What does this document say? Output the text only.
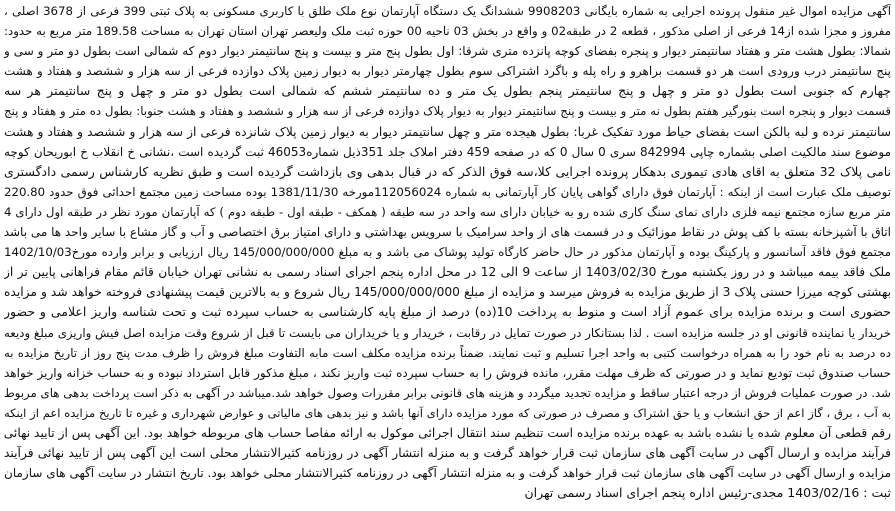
آگهی مزایده اموال غیر منقول پرونده اجرایی به شماره بایگانی 9908203 ششدانگ یک دستگاه آپارتمان نوع ملک طلق با کاربری مسکونی به پلاک ثبتی 399 فرعی از 3678 اصلی ،
مفروز و مجزا شده از14 فرعی از اصلی مذکور ، قطعه 2 در طبقه02 و واقع در بخش 03 ناحیه 00 حوزه ثبت ملک ولیعصر تهران استان تهران به مساحت 189.58 متر مربع به حدود:
شمالا: بطول هشت متر و هفتاد سانتیمتر دیوار و پنجره بفضای کوچه پانزده متری شرقا: اول بطول پنج متر و بیست و پنج سانتیمتر دیوار دوم که شمالی است بطول دو متر و سی و
پنج سانتیمتر درب ورودی است هر دو قسمت براهرو و راه پله و باگرد اشتراکی سوم بطول چهارمتر دیوار به دیوار زمین پلاک دوازده فرعی از سه هزار و ششصد و هفتاد و هشت
چهارم که جنوبی است بطول دو متر و چهل و پنج سانتیمتر پنجم بطول یک متر و ده سانتیمتر ششم که شمالی است بطول دو متر و چهل و پنج سانتیمتر هر سه
قسمت دیوار و پنجره است بنورگیر هفتم بطول نه متر و بیست و پنج سانتیمتر دیوار به دیوار پلاک دوازده فرعی از سه هزار و ششصد و هفتاد و هشت جنوبا: بطول ده متر و هفتاد و پنج
سانتیمتر نرده و لبه بالکن است بفضای حیاط مورد تفکیک غربا: بطول هیجده متر و چهل سانتیمتر دیوار به دیوار زمین پلاک شانزده فرعی از سه هزار و ششصد و هفتاد و هشت
موضوع سند مالکیت اصلی بشماره چاپی 842994 سری 0 سال 0 که در صفحه 459 دفتر املاک جلد 351ذیل شماره46053 ثبت گردیده است ،نشانی خ انقلاب خ ابوریحان کوچه
نامی پلاک 32 متعلق به اقای هادی تیموری بدهکار پرونده اجرایی کلا،سه فوق الذکر که در قبال بدهی وی بازداشت گردیده است و طبق نظریه کارشناس رسمی دادگستری
توصیف ملک عبارت است از اینکه : آپارتمان فوق دارای گواهی پایان کار آپارتمانی به شماره 112056024مورخه 1381/11/30 بوده مساحت زمین مجتمع احداثی فوق حدود 220.80
متر مربع سازه مجتمع نیمه فلزی دارای نمای سنگ کاری شده رو به خیابان دارای سه واحد در سه طبقه ( همکف - طبقه اول - طبقه دوم ) که آپارتمان مورد نظر در طبقه اول دارای 4
اتاق با آشپزخانه بسته با کف پوش در نقاط موزائیک و در قسمت های از واحد سرامیک با سرویس بهداشتی و دارای امتیاز برق اختصاصی و آب و گاز مشاع با سایر واحد ها می باشد
مجتمع فوق فاقد آسانسور و پارکینگ بوده و آپارتمان مذکور در حال حاضر کارگاه تولید پوشاک می باشد و به مبلغ 145/000/000/000 ریال ارزیابی و برابر وارده مورخ1402/10/03
ملک فاقد بیمه میباشد و در روز یکشنبه مورخ 1403/02/30 از ساعت 9 الی 12 در محل اداره پنجم اجرای اسناد رسمی به نشانی تهران خیابان قائم مقام فراهانی پایین تر از
بهشتی کوچه میرزا حسنی پلاک 3 از طریق مزایده به فروش میرسد و مزایده از مبلغ 145/000/000/000 ریال شروع و به بالاترین قیمت پیشنهادی فروخته خواهد شد و مزایده
حضوری است و برنده مزایده برای عموم آزاد است و منوط به پرداخت 10(ده) درصد از مبلغ پایه کارشناسی به حساب سپرده ثبت و تحت شناسه واریز اعلامی و حضور
خریدار یا نماینده قانونی او در جلسه مزایده است . لذا بستانکار در صورت تمایل در رقابت ، خریدار و یا خریداران می بایست تا قبل از شروع وقت مزایده اصل فیش واریزی مبلغ ودیعه
ده درصد به نام خود را به همراه درخواست کتبی به واحد اجرا تسلیم و ثبت نمایند. ضمناً برنده مزایده مکلف است مابه التفاوت مبلغ فروش را ظرف مدت پنج روز از تاریخ مزایده به
حساب صندوق ثبت تودیع نماید و در صورتی که ظرف مهلت مقرر، مانده فروش را به حساب سپرده ثبت واریز نکند ، مبلغ مذکور قابل استرداد نبوده و به حساب خزانه واریز خواهد
شد. در صورت عملیات فروش از درجه اعتبار ساقط و مزایده تجدید میگردد و هزینه های قانونی برابر مقررات وصول خواهد شد.میباشد در آگهی به ذکر است پرداخت بدهی های مربوط
به آب ، برق ، گاز اعم از حق انشعاب و یا حق اشتراک و مصرف در صورتی که مورد مزایده دارای آنها باشد و نیز بدهی های مالیاتی و عوارض شهرداری و غیره تا تاریخ مزایده اعم از اینکه
رقم قطعی آن معلوم شده یا نشده باشد به عهده برنده مزایده است تنظیم سند انتقال اجرائی موکول به ارائه مفاصا حساب های مربوطه خواهد بود. این آگهی پس از تایید نهائی
فرآیند مزایده و ارسال آگهی در سایت آگهی های سازمان ثبت قرار خواهد گرفت و به منزله انتشار آگهی در روزنامه کثیرالانتشار محلی است این آگهی پس از تایید نهائی فرآیند
مزایده و ارسال آگهی در سایت آگهی های سازمان ثبت قرار خواهد گرفت و به منزله انتشار آگهی در روزنامه کثیرالانتشار محلی خواهد بود. تاریخ انتشار در سایت آگهی های سازمان
ثبت : 1403/02/16 مجدی-رئیس اداره پنجم اجرای اسناد رسمی تهران
